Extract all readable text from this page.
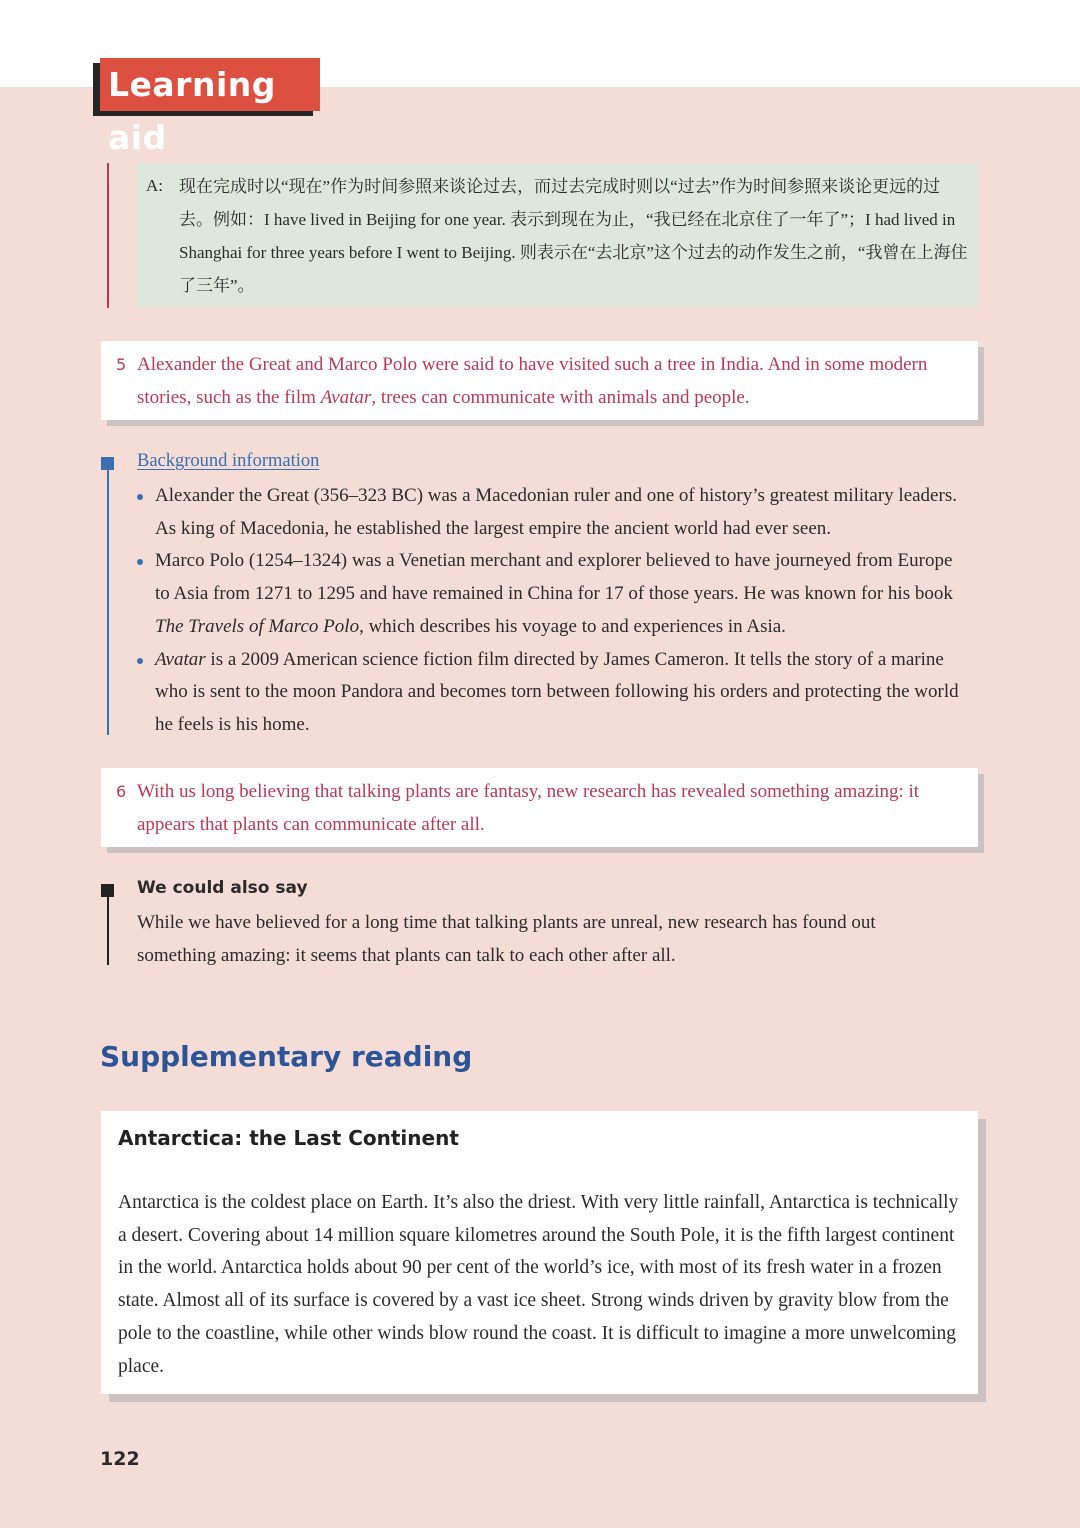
Learning aid
A: 现在完成时以“现在”作为时间参照来谈论过去，而过去完成时则以“过去”作为时间参照来谈论更远的过去。例如：I have lived in Beijing for one year. 表示到现在为止，“我已经在北京住了一年了”；I had lived in Shanghai for three years before I went to Beijing. 则表示在“去北京”这个过去的动作发生之前，“我曾在上海住了三年”。
5 Alexander the Great and Marco Polo were said to have visited such a tree in India. And in some modern stories, such as the film Avatar, trees can communicate with animals and people.
Background information
Alexander the Great (356–323 BC) was a Macedonian ruler and one of history’s greatest military leaders. As king of Macedonia, he established the largest empire the ancient world had ever seen.
Marco Polo (1254–1324) was a Venetian merchant and explorer believed to have journeyed from Europe to Asia from 1271 to 1295 and have remained in China for 17 of those years. He was known for his book The Travels of Marco Polo, which describes his voyage to and experiences in Asia.
Avatar is a 2009 American science fiction film directed by James Cameron. It tells the story of a marine who is sent to the moon Pandora and becomes torn between following his orders and protecting the world he feels is his home.
6 With us long believing that talking plants are fantasy, new research has revealed something amazing: it appears that plants can communicate after all.
We could also say
While we have believed for a long time that talking plants are unreal, new research has found out something amazing: it seems that plants can talk to each other after all.
Supplementary reading
Antarctica: the Last Continent
Antarctica is the coldest place on Earth. It’s also the driest. With very little rainfall, Antarctica is technically a desert. Covering about 14 million square kilometres around the South Pole, it is the fifth largest continent in the world. Antarctica holds about 90 per cent of the world’s ice, with most of its fresh water in a frozen state. Almost all of its surface is covered by a vast ice sheet. Strong winds driven by gravity blow from the pole to the coastline, while other winds blow round the coast. It is difficult to imagine a more unwelcoming place.
122
